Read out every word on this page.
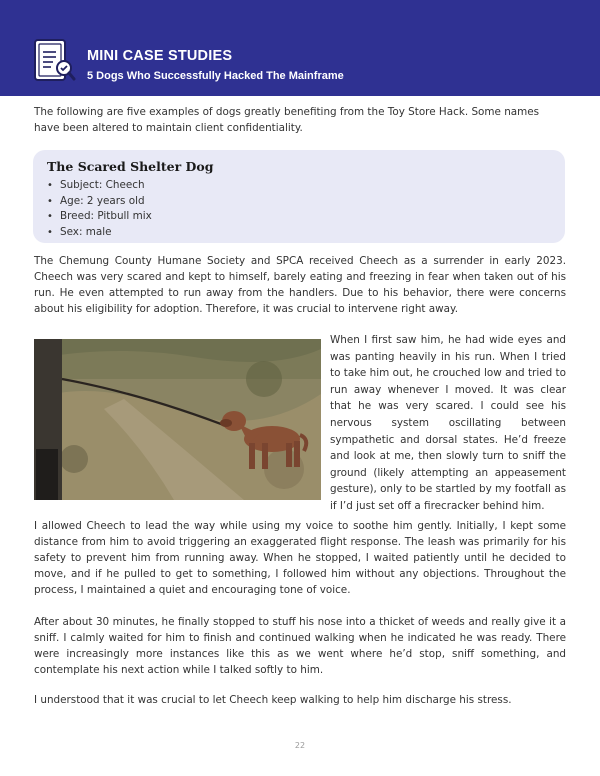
MINI CASE STUDIES
5 Dogs Who Successfully Hacked The Mainframe

The following are five examples of dogs greatly benefiting from the Toy Store Hack. Some names have been altered to maintain client confidentiality.

The Scared Shelter Dog
• Subject: Cheech
• Age: 2 years old
• Breed: Pitbull mix
• Sex: male

The Chemung County Humane Society and SPCA received Cheech as a surrender in early 2023. Cheech was very scared and kept to himself, barely eating and freezing in fear when taken out of his run. He even attempted to run away from the handlers. Due to his behavior, there were concerns about his eligibility for adoption. Therefore, it was crucial to intervene right away.

When I first saw him, he had wide eyes and was panting heavily in his run. When I tried to take him out, he crouched low and tried to run away whenever I moved. It was clear that he was very scared. I could see his nervous system oscillating between sympathetic and dorsal states. He’d freeze and look at me, then slowly turn to sniff the ground (likely attempting an appeasement gesture), only to be startled by my footfall as if I’d just set off a firecracker behind him.

I allowed Cheech to lead the way while using my voice to soothe him gently. Initially, I kept some distance from him to avoid triggering an exaggerated flight response. The leash was primarily for his safety to prevent him from running away. When he stopped, I waited patiently until he decided to move, and if he pulled to get to something, I followed him without any objections. Throughout the process, I maintained a quiet and encouraging tone of voice.

After about 30 minutes, he finally stopped to stuff his nose into a thicket of weeds and really give it a sniff. I calmly waited for him to finish and continued walking when he indicated he was ready. There were increasingly more instances like this as we went where he’d stop, sniff something, and contemplate his next action while I talked softly to him.

I understood that it was crucial to let Cheech keep walking to help him discharge his stress.

22
